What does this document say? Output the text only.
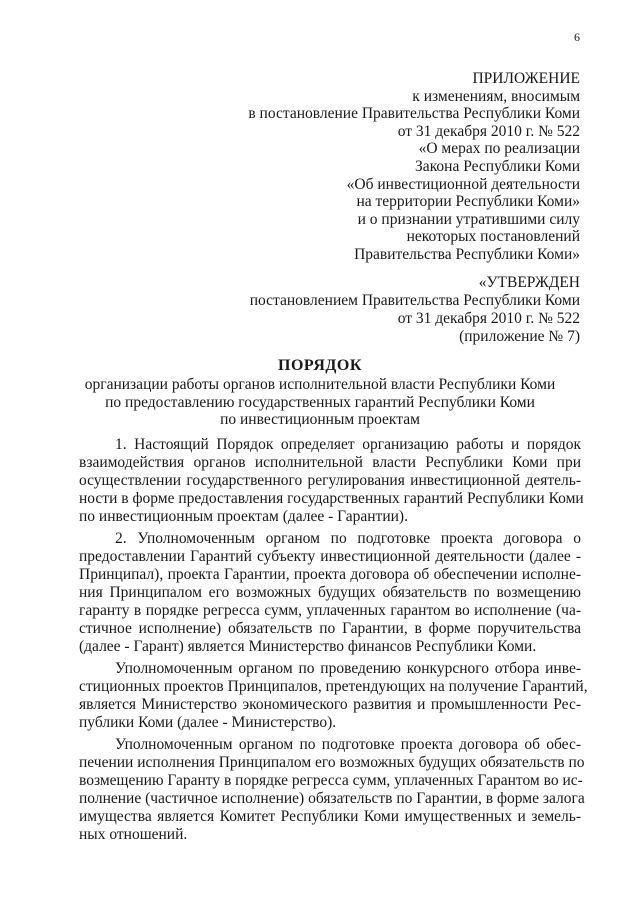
6
ПРИЛОЖЕНИЕ
к изменениям, вносимым
в постановление Правительства Республики Коми
от 31 декабря 2010 г. № 522
«О мерах по реализации
Закона Республики Коми
«Об инвестиционной деятельности
на территории Республики Коми»
и о признании утратившими силу
некоторых постановлений
Правительства Республики Коми»
«УТВЕРЖДЕН
постановлением Правительства Республики Коми
от 31 декабря 2010 г. № 522
(приложение № 7)
ПОРЯДОК
организации работы органов исполнительной власти Республики Коми
по предоставлению государственных гарантий Республики Коми
по инвестиционным проектам
1. Настоящий Порядок определяет организацию работы и порядок
взаимодействия органов исполнительной власти Республики Коми при
осуществлении государственного регулирования инвестиционной деятель-
ности в форме предоставления государственных гарантий Республики Коми
по инвестиционным проектам (далее - Гарантии).
2. Уполномоченным органом по подготовке проекта договора о
предоставлении Гарантий субъекту инвестиционной деятельности (далее -
Принципал), проекта Гарантии, проекта договора об обеспечении исполне-
ния Принципалом его возможных будущих обязательств по возмещению
гаранту в порядке регресса сумм, уплаченных гарантом во исполнение (ча-
стичное исполнение) обязательств по Гарантии, в форме поручительства
(далее - Гарант) является Министерство финансов Республики Коми.
Уполномоченным органом по проведению конкурсного отбора инве-
стиционных проектов Принципалов, претендующих на получение Гарантий,
является Министерство экономического развития и промышленности Рес-
публики Коми (далее - Министерство).
Уполномоченным органом по подготовке проекта договора об обес-
печении исполнения Принципалом его возможных будущих обязательств по
возмещению Гаранту в порядке регресса сумм, уплаченных Гарантом во ис-
полнение (частичное исполнение) обязательств по Гарантии, в форме залога
имущества является Комитет Республики Коми имущественных и земель-
ных отношений.
